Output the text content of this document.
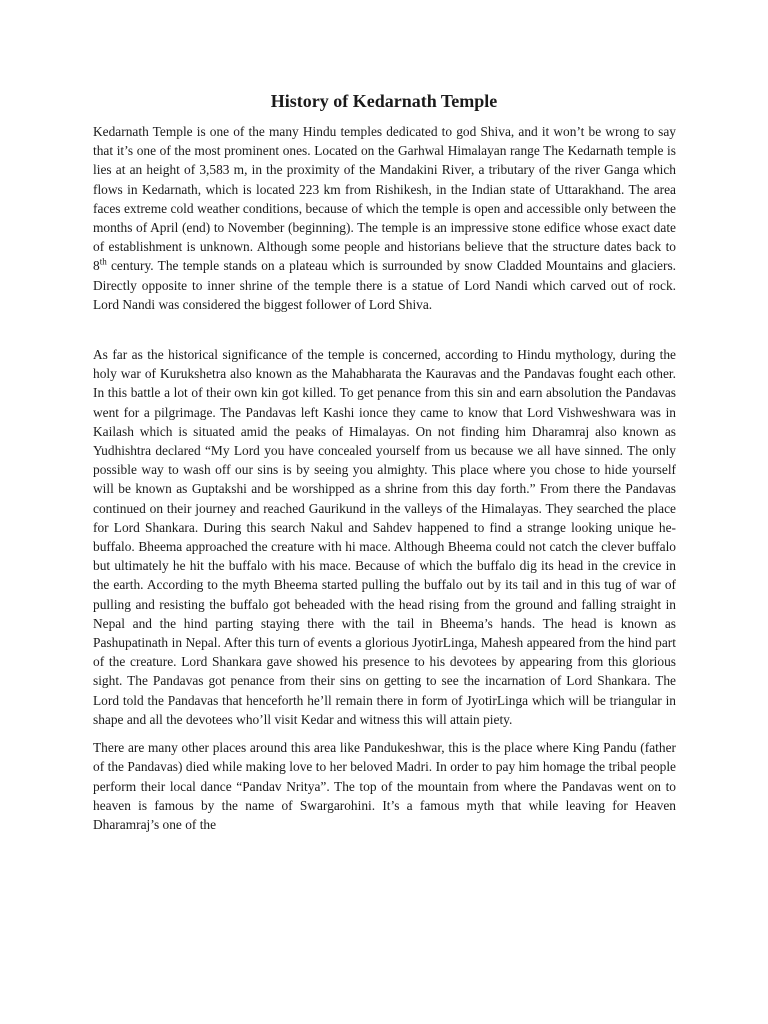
History of Kedarnath Temple

Kedarnath Temple is one of the many Hindu temples dedicated to god Shiva, and it won’t be wrong to say that it’s one of the most prominent ones. Located on the Garhwal Himalayan range The Kedarnath temple is lies at an height of 3,583 m, in the proximity of the Mandakini River, a tributary of the river Ganga which flows in Kedarnath, which is located 223 km from Rishikesh, in the Indian state of Uttarakhand. The area faces extreme cold weather conditions, because of which the temple is open and accessible only between the months of April (end) to November (beginning). The temple is an impressive stone edifice whose exact date of establishment is unknown. Although some people and historians believe that the structure dates back to 8th century. The temple stands on a plateau which is surrounded by snow Cladded Mountains and glaciers. Directly opposite to inner shrine of the temple there is a statue of Lord Nandi which carved out of rock. Lord Nandi was considered the biggest follower of Lord Shiva.

As far as the historical significance of the temple is concerned, according to Hindu mythology, during the holy war of Kurukshetra also known as the Mahabharata the Kauravas and the Pandavas fought each other. In this battle a lot of their own kin got killed. To get penance from this sin and earn absolution the Pandavas went for a pilgrimage. The Pandavas left Kashi ionce they came to know that Lord Vishweshwara was in Kailash which is situated amid the peaks of Himalayas. On not finding him Dharamraj also known as Yudhishtra declared “My Lord you have concealed yourself from us because we all have sinned. The only possible way to wash off our sins is by seeing you almighty. This place where you chose to hide yourself will be known as Guptakshi and be worshipped as a shrine from this day forth.” From there the Pandavas continued on their journey and reached Gaurikund in the valleys of the Himalayas. They searched the place for Lord Shankara. During this search Nakul and Sahdev happened to find a strange looking unique he-buffalo. Bheema approached the creature with hi mace. Although Bheema could not catch the clever buffalo but ultimately he hit the buffalo with his mace. Because of which the buffalo dig its head in the crevice in the earth. According to the myth Bheema started pulling the buffalo out by its tail and in this tug of war of pulling and resisting the buffalo got beheaded with the head rising from the ground and falling straight in Nepal and the hind parting staying there with the tail in Bheema’s hands. The head is known as Pashupatinath in Nepal. After this turn of events a glorious JyotirLinga, Mahesh appeared from the hind part of the creature. Lord Shankara gave showed his presence to his devotees by appearing from this glorious sight. The Pandavas got penance from their sins on getting to see the incarnation of Lord Shankara. The Lord told the Pandavas that henceforth he’ll remain there in form of JyotirLinga which will be triangular in shape and all the devotees who’ll visit Kedar and witness this will attain piety.

There are many other places around this area like Pandukeshwar, this is the place where King Pandu (father of the Pandavas) died while making love to her beloved Madri. In order to pay him homage the tribal people perform their local dance “Pandav Nritya”. The top of the mountain from where the Pandavas went on to heaven is famous by the name of Swargarohini. It’s a famous myth that while leaving for Heaven Dharamraj’s one of the
